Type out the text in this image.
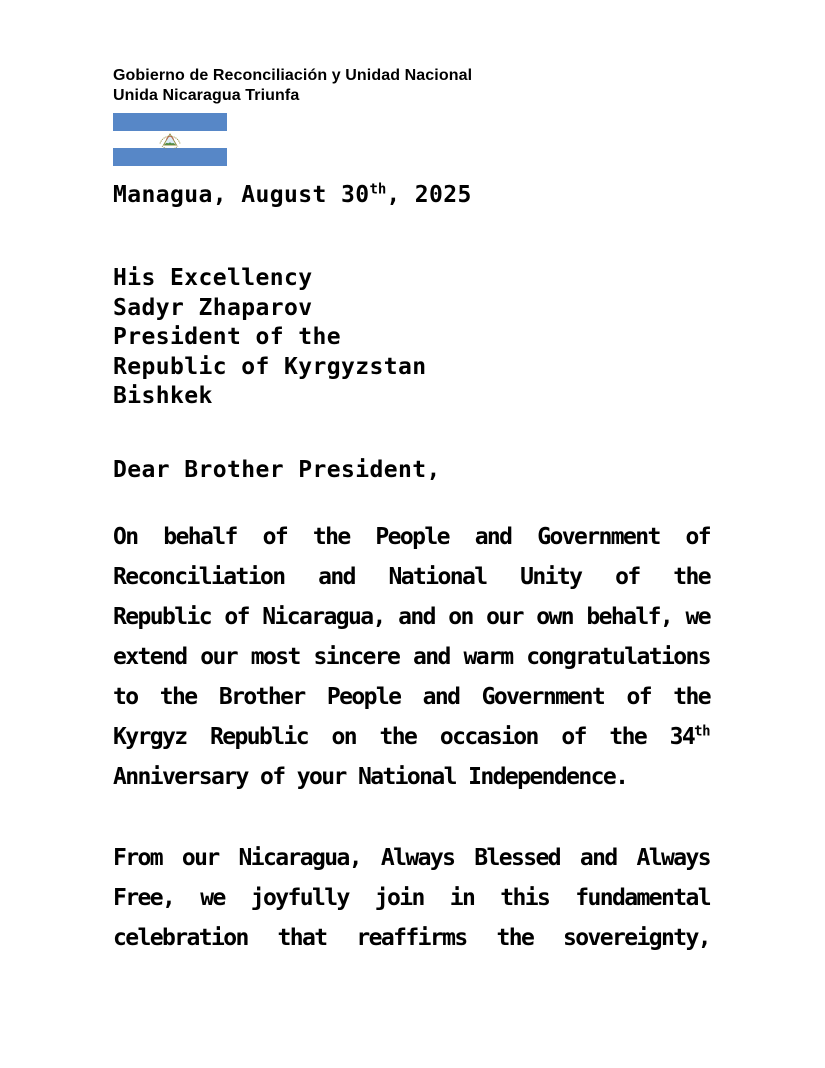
Gobierno de Reconciliación y Unidad Nacional
Unida Nicaragua Triunfa
Managua, August 30th, 2025
His Excellency
Sadyr Zhaparov
President of the
Republic of Kyrgyzstan
Bishkek
Dear Brother President,
On behalf of the People and Government of
Reconciliation and National Unity of the
Republic of Nicaragua, and on our own behalf, we
extend our most sincere and warm congratulations
to the Brother People and Government of the
Kyrgyz Republic on the occasion of the 34th
Anniversary of your National Independence.
From our Nicaragua, Always Blessed and Always
Free, we joyfully join in this fundamental
celebration that reaffirms the sovereignty,
